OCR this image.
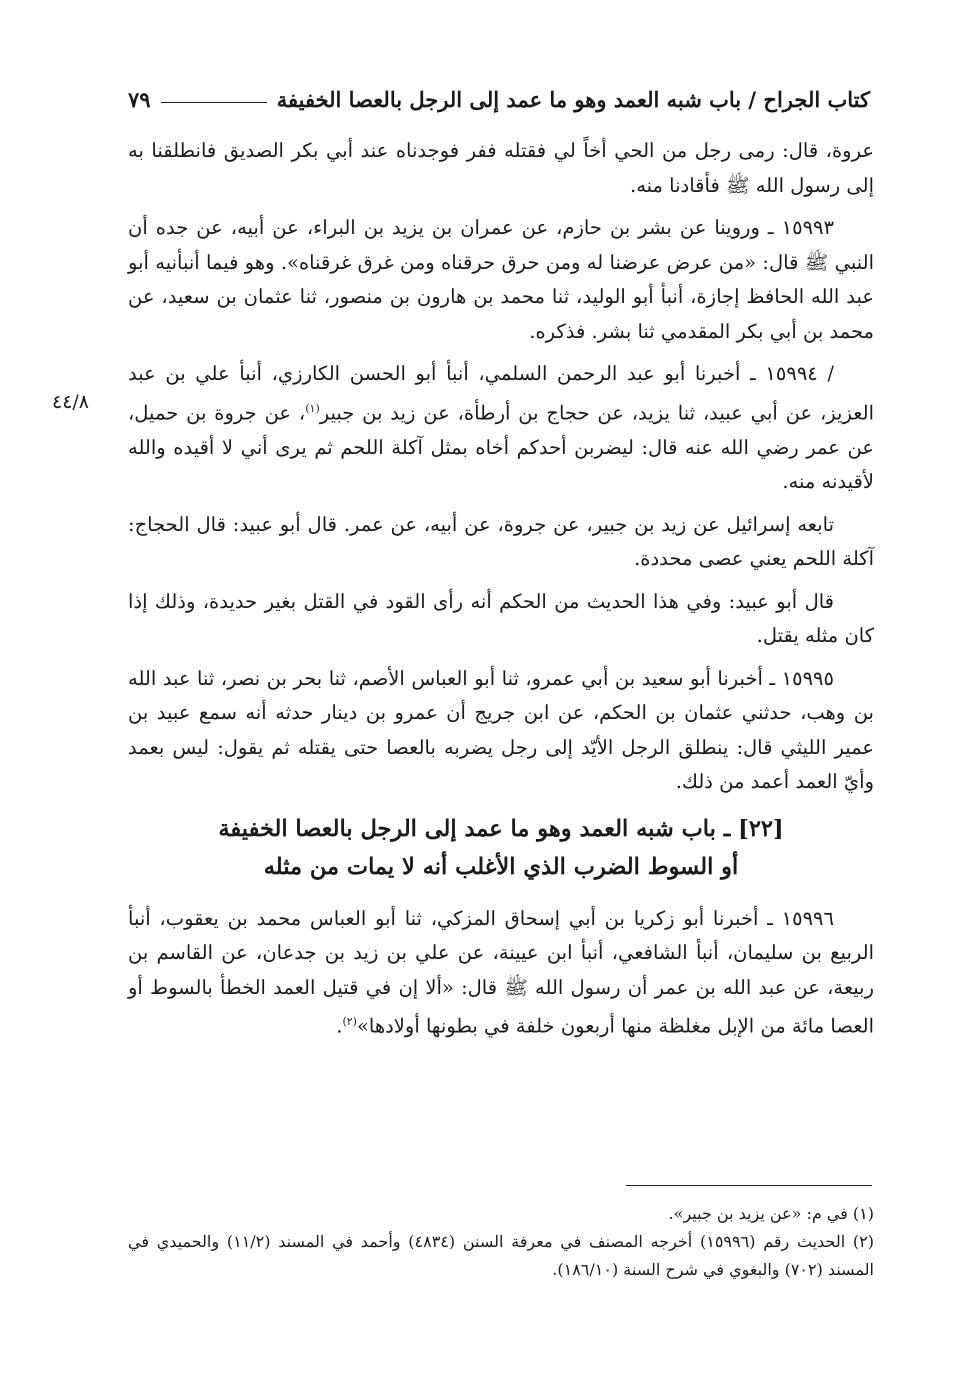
كتاب الجراح / باب شبه العمد وهو ما عمد إلى الرجل بالعصا الخفيفة
٧٩
٤٤/٨

عروة، قال: رمى رجل من الحي أخاً لي فقتله ففر فوجدناه عند أبي بكر الصديق فانطلقنا به إلى رسول الله ﷺ فأقادنا منه.

١٥٩٩٣ ـ وروينا عن بشر بن حازم، عن عمران بن يزيد بن البراء، عن أبيه، عن جده أن النبي ﷺ قال: «من عرض عرضنا له ومن حرق حرقناه ومن غرق غرقناه». وهو فيما أنبأنيه أبو عبد الله الحافظ إجازة، أنبأ أبو الوليد، ثنا محمد بن هارون بن منصور، ثنا عثمان بن سعيد، عن محمد بن أبي بكر المقدمي ثنا بشر. فذكره.

/ ١٥٩٩٤ ـ أخبرنا أبو عبد الرحمن السلمي، أنبأ أبو الحسن الكارزي، أنبأ علي بن عبد العزيز، عن أبي عبيد، ثنا يزيد، عن حجاج بن أرطأة، عن زيد بن جبير$^{(١)}$، عن جروة بن حميل، عن عمر رضي الله عنه قال: ليضربن أحدكم أخاه بمثل آكلة اللحم ثم يرى أني لا أقيده والله لأقيدنه منه.

تابعه إسرائيل عن زيد بن جبير، عن جروة، عن أبيه، عن عمر. قال أبو عبيد: قال الحجاج: آكلة اللحم يعني عصى محددة.

قال أبو عبيد: وفي هذا الحديث من الحكم أنه رأى القود في القتل بغير حديدة، وذلك إذا كان مثله يقتل.

١٥٩٩٥ ـ أخبرنا أبو سعيد بن أبي عمرو، ثنا أبو العباس الأصم، ثنا بحر بن نصر، ثنا عبد الله بن وهب، حدثني عثمان بن الحكم، عن ابن جريج أن عمرو بن دينار حدثه أنه سمع عبيد بن عمير الليثي قال: ينطلق الرجل الأيّد إلى رجل يضربه بالعصا حتى يقتله ثم يقول: ليس بعمد وأيّ العمد أعمد من ذلك.

[٢٢] ـ باب شبه العمد وهو ما عمد إلى الرجل بالعصا الخفيفة
أو السوط الضرب الذي الأغلب أنه لا يمات من مثله

١٥٩٩٦ ـ أخبرنا أبو زكريا بن أبي إسحاق المزكي، ثنا أبو العباس محمد بن يعقوب، أنبأ الربيع بن سليمان، أنبأ الشافعي، أنبأ ابن عيينة، عن علي بن زيد بن جدعان، عن القاسم بن ربيعة، عن عبد الله بن عمر أن رسول الله ﷺ قال: «ألا إن في قتيل العمد الخطأ بالسوط أو العصا مائة من الإبل مغلظة منها أربعون خلفة في بطونها أولادها»$^{(٢)}$.

(١) في م: «عن يزيد بن جبير».

(٢) الحديث رقم (١٥٩٩٦) أخرجه المصنف في معرفة السنن (٤٨٣٤) وأحمد في المسند (١١/٢) والحميدي في المسند (٧٠٢) والبغوي في شرح السنة (١٨٦/١٠).
